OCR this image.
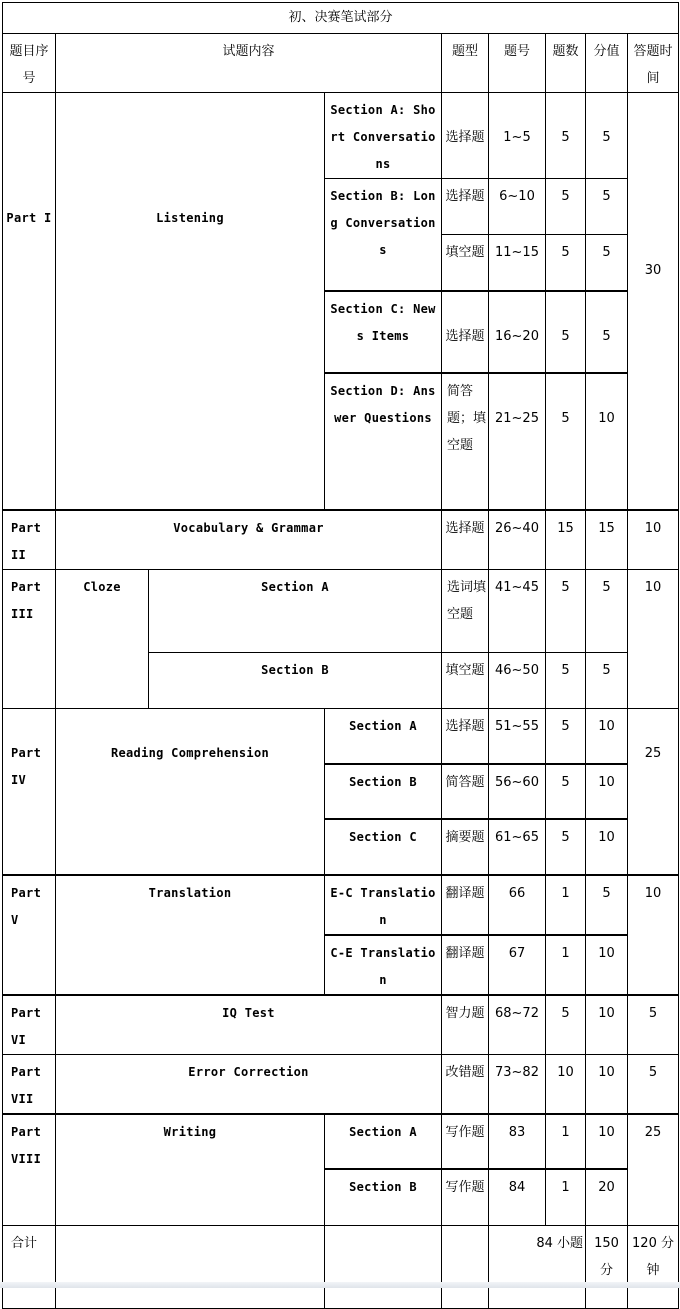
初、决赛笔试部分								
题目序号	试题内容			题型	题号	题数	分值	答题时间
Part I	Listening		Section A: Short Conversations	选择题	1~5	5	5	30
			Section B: Long Conversations	选择题	6~10	5	5	
				填空题	11~15	5	5	
			Section C: News Items	选择题	16~20	5	5	
			Section D: Answer Questions	简答题；填空题	21~25	5	10	
Part II	Vocabulary & Grammar			选择题	26~40	15	15	10
Part III	Cloze	Section A		选词填空题	41~45	5	5	10
		Section B		填空题	46~50	5	5	
Part IV	Reading Comprehension		Section A	选择题	51~55	5	10	25
			Section B	简答题	56~60	5	10	
			Section C	摘要题	61~65	5	10	
Part V	Translation		E-C Translation	翻译题	66	1	5	10
			C-E Translation	翻译题	67	1	10	
Part VI	IQ Test			智力题	68~72	5	10	5
Part VII	Error Correction			改错题	73~82	10	10	5
Part VIII	Writing		Section A	写作题	83	1	10	25
			Section B	写作题	84	1	20	
合计					84 小题		150 分	120 分钟
